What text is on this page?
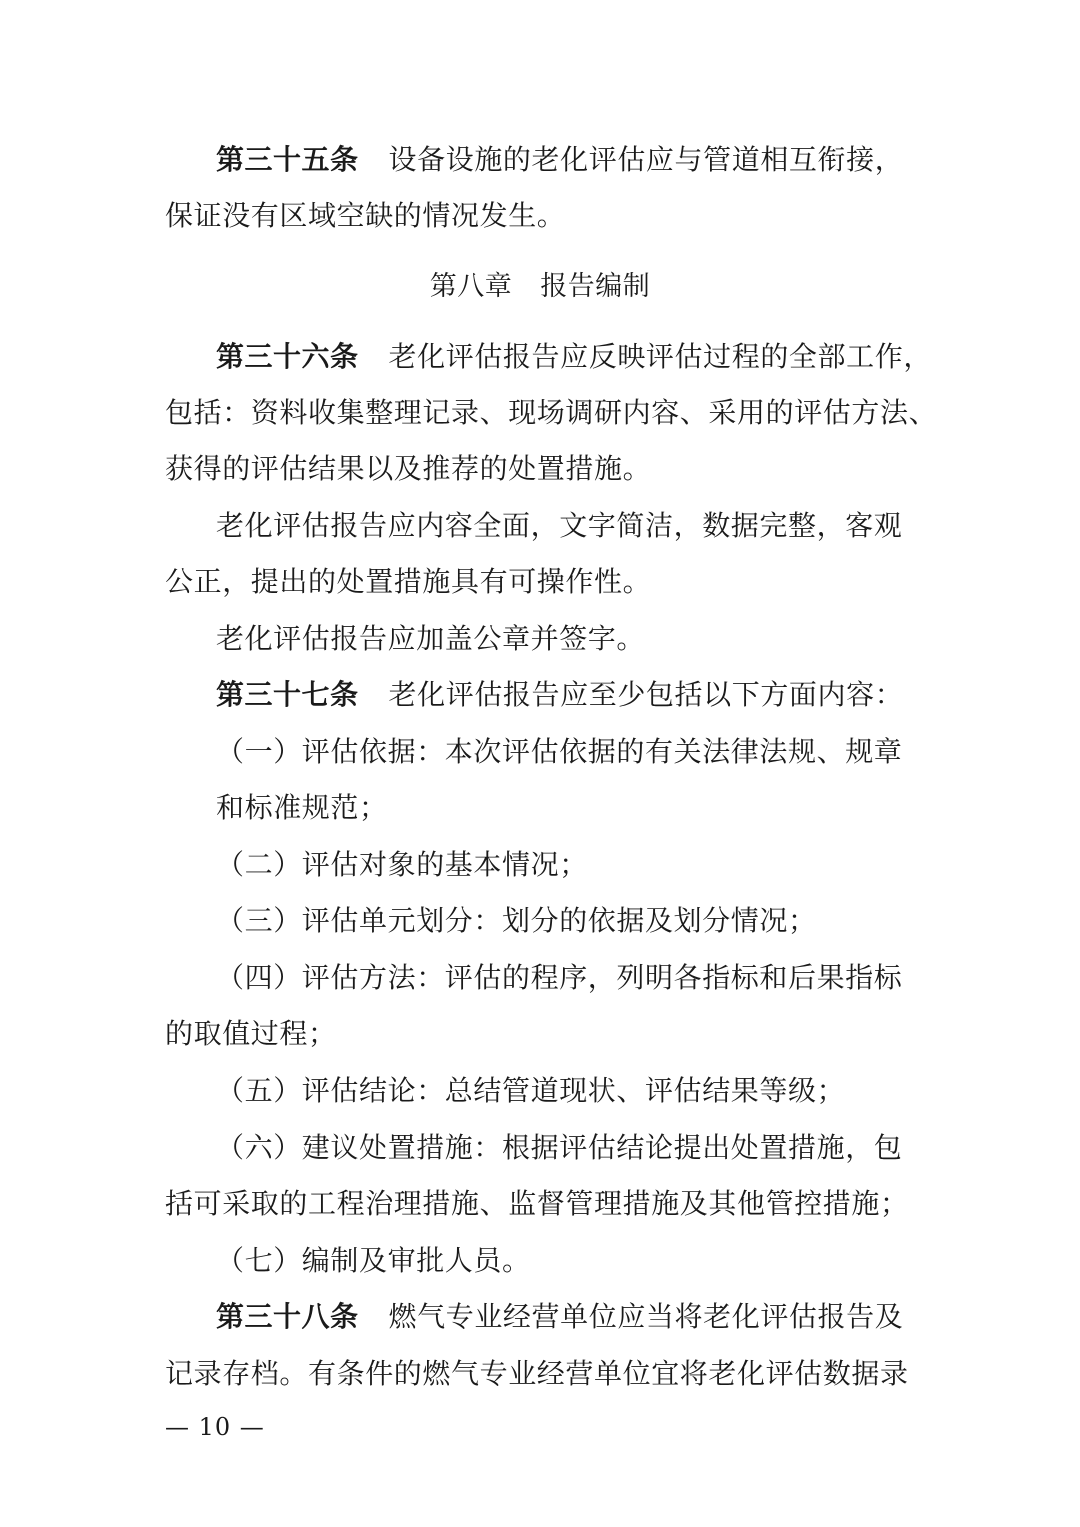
第三十五条 设备设施的老化评估应与管道相互衔接，
保证没有区域空缺的情况发生。
第八章 报告编制
第三十六条 老化评估报告应反映评估过程的全部工作，
包括：资料收集整理记录、现场调研内容、采用的评估方法、
获得的评估结果以及推荐的处置措施。
老化评估报告应内容全面，文字简洁，数据完整，客观
公正，提出的处置措施具有可操作性。
老化评估报告应加盖公章并签字。
第三十七条 老化评估报告应至少包括以下方面内容：
（一）评估依据：本次评估依据的有关法律法规、规章
和标准规范；
（二）评估对象的基本情况；
（三）评估单元划分：划分的依据及划分情况；
（四）评估方法：评估的程序，列明各指标和后果指标
的取值过程；
（五）评估结论：总结管道现状、评估结果等级；
（六）建议处置措施：根据评估结论提出处置措施，包
括可采取的工程治理措施、监督管理措施及其他管控措施；
（七）编制及审批人员。
第三十八条 燃气专业经营单位应当将老化评估报告及
记录存档。有条件的燃气专业经营单位宜将老化评估数据录
— 10 —
